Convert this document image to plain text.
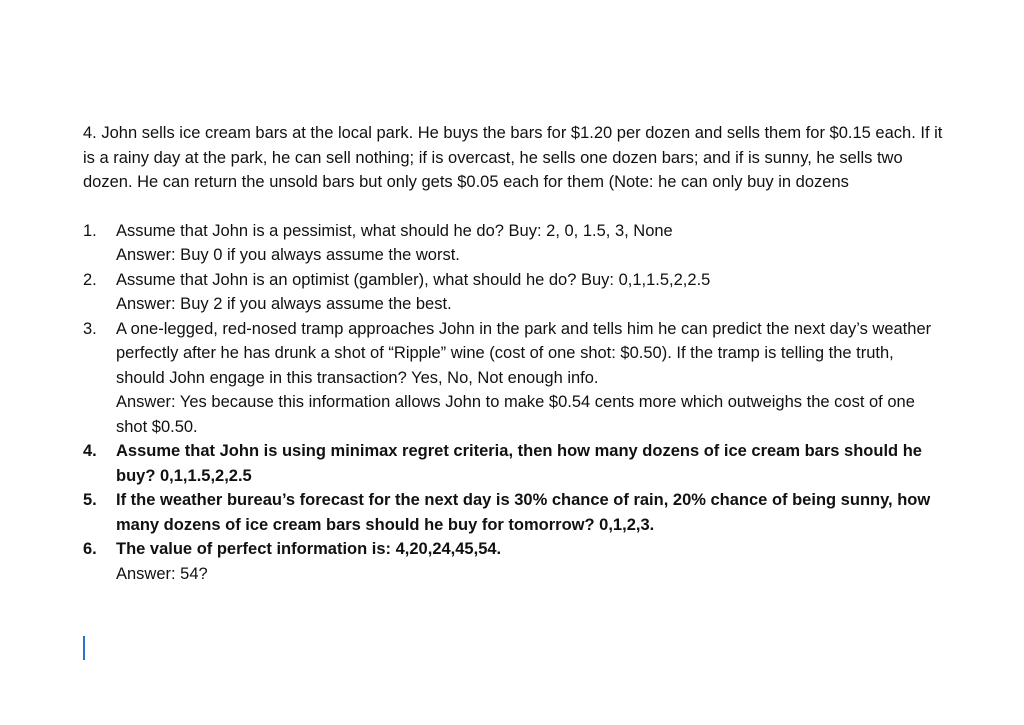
4. John sells ice cream bars at the local park. He buys the bars for $1.20 per dozen and sells them for $0.15 each. If it is a rainy day at the park, he can sell nothing; if is overcast, he sells one dozen bars; and if is sunny, he sells two dozen. He can return the unsold bars but only gets $0.05 each for them (Note: he can only buy in dozens

1. Assume that John is a pessimist, what should he do? Buy: 2, 0, 1.5, 3, None
Answer: Buy 0 if you always assume the worst.
2. Assume that John is an optimist (gambler), what should he do? Buy: 0,1,1.5,2,2.5
Answer: Buy 2 if you always assume the best.
3. A one-legged, red-nosed tramp approaches John in the park and tells him he can predict the next day’s weather perfectly after he has drunk a shot of “Ripple” wine (cost of one shot: $0.50). If the tramp is telling the truth, should John engage in this transaction? Yes, No, Not enough info.
Answer: Yes because this information allows John to make $0.54 cents more which outweighs the cost of one shot $0.50.
4. Assume that John is using minimax regret criteria, then how many dozens of ice cream bars should he buy? 0,1,1.5,2,2.5
5. If the weather bureau’s forecast for the next day is 30% chance of rain, 20% chance of being sunny, how many dozens of ice cream bars should he buy for tomorrow? 0,1,2,3.
6. The value of perfect information is: 4,20,24,45,54.
Answer: 54?
